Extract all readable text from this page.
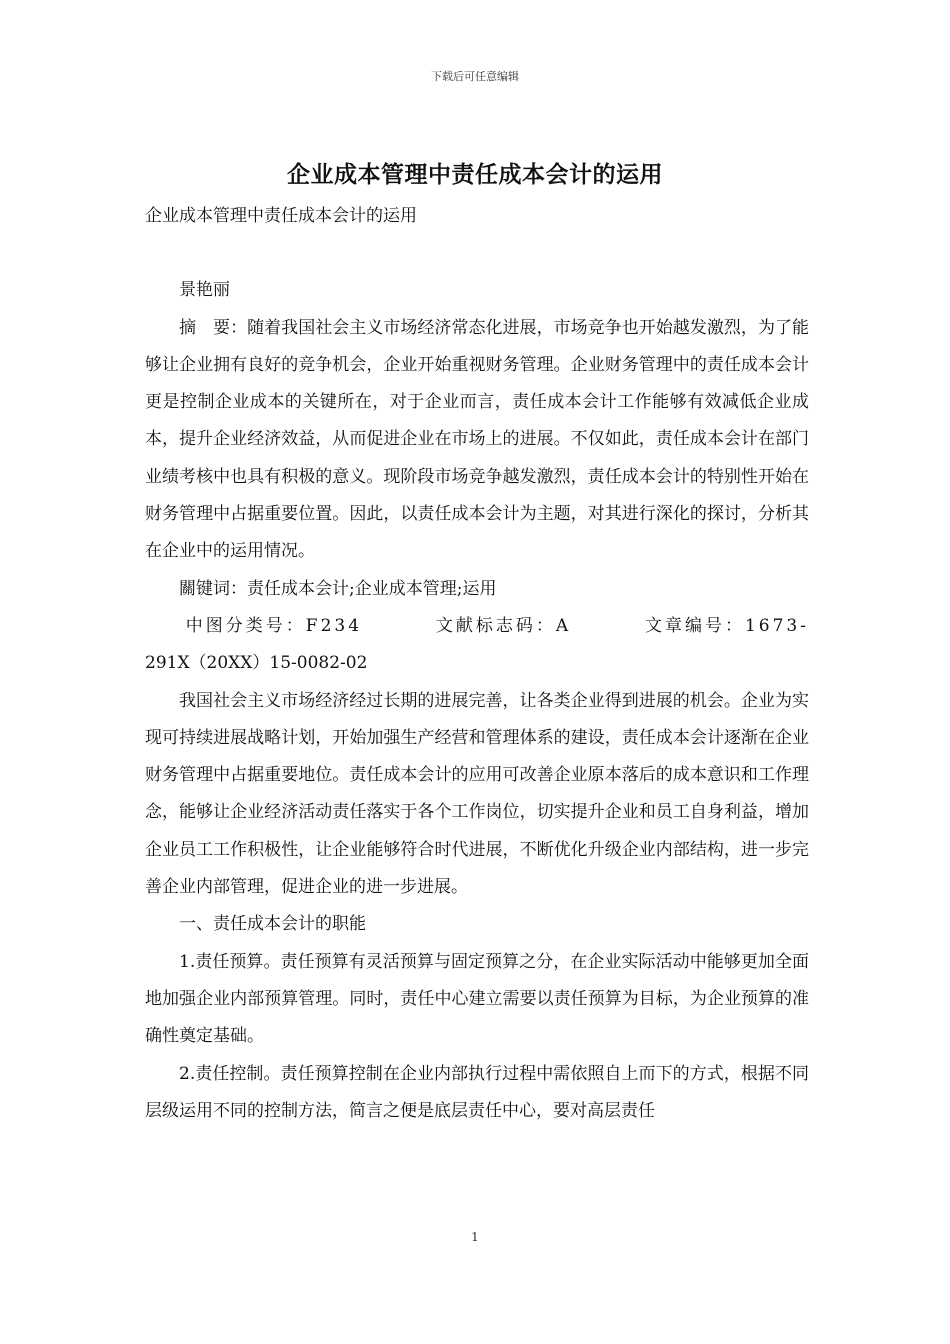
下载后可任意编辑
企业成本管理中责任成本会计的运用

企业成本管理中责任成本会计的运用

景艳丽

摘　要：随着我国社会主义市场经济常态化进展，市场竞争也开始越发激烈，为了能够让企业拥有良好的竞争机会，企业开始重视财务管理。企业财务管理中的责任成本会计更是控制企业成本的关键所在，对于企业而言，责任成本会计工作能够有效减低企业成本，提升企业经济效益，从而促进企业在市场上的进展。不仅如此，责任成本会计在部门业绩考核中也具有积极的意义。现阶段市场竞争越发激烈，责任成本会计的特别性开始在财务管理中占据重要位置。因此，以责任成本会计为主题，对其进行深化的探讨，分析其在企业中的运用情况。

關键词：责任成本会计;企业成本管理;运用

中图分类号：F234	文献标志码：A	文章编号：1673-

291X（20XX）15-0082-02

我国社会主义市场经济经过长期的进展完善，让各类企业得到进展的机会。企业为实现可持续进展战略计划，开始加强生产经营和管理体系的建设，责任成本会计逐渐在企业财务管理中占据重要地位。责任成本会计的应用可改善企业原本落后的成本意识和工作理念，能够让企业经济活动责任落实于各个工作岗位，切实提升企业和员工自身利益，增加企业员工工作积极性，让企业能够符合时代进展，不断优化升级企业内部结构，进一步完善企业内部管理，促进企业的进一步进展。

一、责任成本会计的职能

1.责任预算。责任预算有灵活预算与固定预算之分，在企业实际活动中能够更加全面地加强企业内部预算管理。同时，责任中心建立需要以责任预算为目标，为企业预算的准确性奠定基础。

2.责任控制。责任预算控制在企业内部执行过程中需依照自上而下的方式，根据不同层级运用不同的控制方法，简言之便是底层责任中心，要对高层责任

1
